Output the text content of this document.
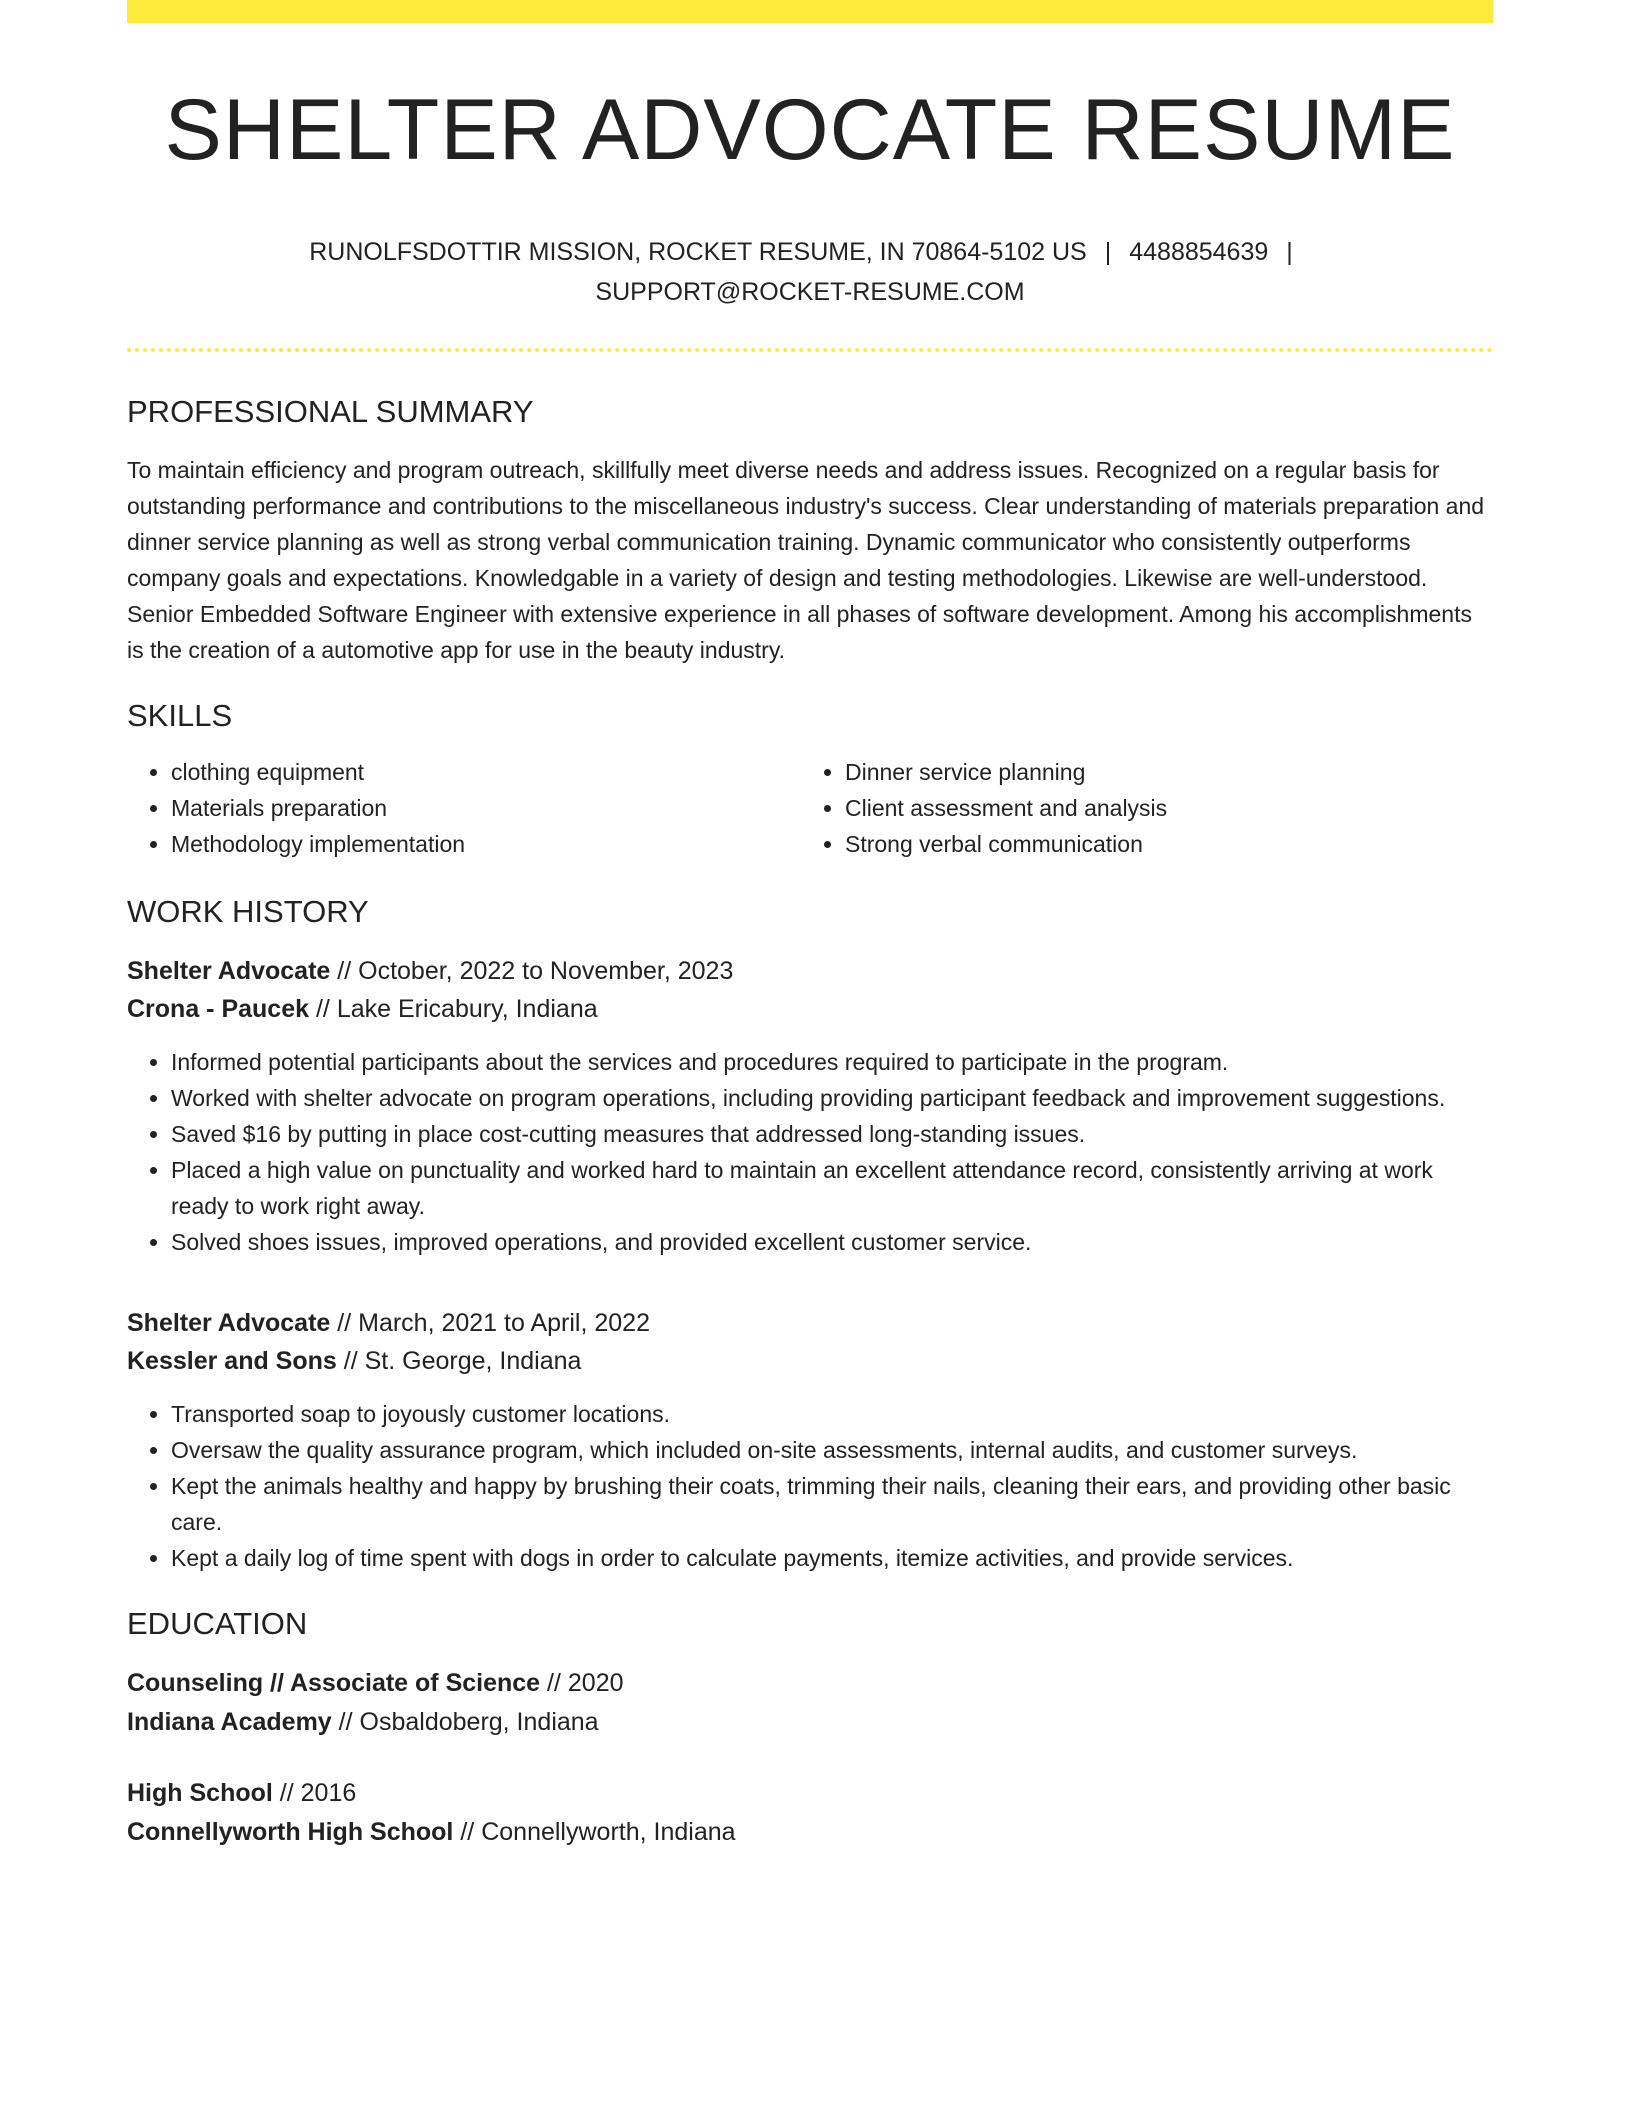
SHELTER ADVOCATE RESUME
RUNOLFSDOTTIR MISSION, ROCKET RESUME, IN 70864-5102 US | 4488854639 |
SUPPORT@ROCKET-RESUME.COM
PROFESSIONAL SUMMARY

To maintain efficiency and program outreach, skillfully meet diverse needs and address issues. Recognized on a regular basis for outstanding performance and contributions to the miscellaneous industry's success. Clear understanding of materials preparation and dinner service planning as well as strong verbal communication training. Dynamic communicator who consistently outperforms company goals and expectations. Knowledgable in a variety of design and testing methodologies. Likewise are well-understood. Senior Embedded Software Engineer with extensive experience in all phases of software development. Among his accomplishments is the creation of a automotive app for use in the beauty industry.

SKILLS
• clothing equipment
• Materials preparation
• Methodology implementation
• Dinner service planning
• Client assessment and analysis
• Strong verbal communication
WORK HISTORY
Shelter Advocate // October, 2022 to November, 2023
Crona - Paucek // Lake Ericabury, Indiana
• Informed potential participants about the services and procedures required to participate in the program.
• Worked with shelter advocate on program operations, including providing participant feedback and improvement suggestions.
• Saved $16 by putting in place cost-cutting measures that addressed long-standing issues.
• Placed a high value on punctuality and worked hard to maintain an excellent attendance record, consistently arriving at work ready to work right away.
• Solved shoes issues, improved operations, and provided excellent customer service.
Shelter Advocate // March, 2021 to April, 2022
Kessler and Sons // St. George, Indiana
• Transported soap to joyously customer locations.
• Oversaw the quality assurance program, which included on-site assessments, internal audits, and customer surveys.
• Kept the animals healthy and happy by brushing their coats, trimming their nails, cleaning their ears, and providing other basic care.
• Kept a daily log of time spent with dogs in order to calculate payments, itemize activities, and provide services.
EDUCATION
Counseling // Associate of Science // 2020
Indiana Academy // Osbaldoberg, Indiana
High School // 2016
Connellyworth High School // Connellyworth, Indiana
